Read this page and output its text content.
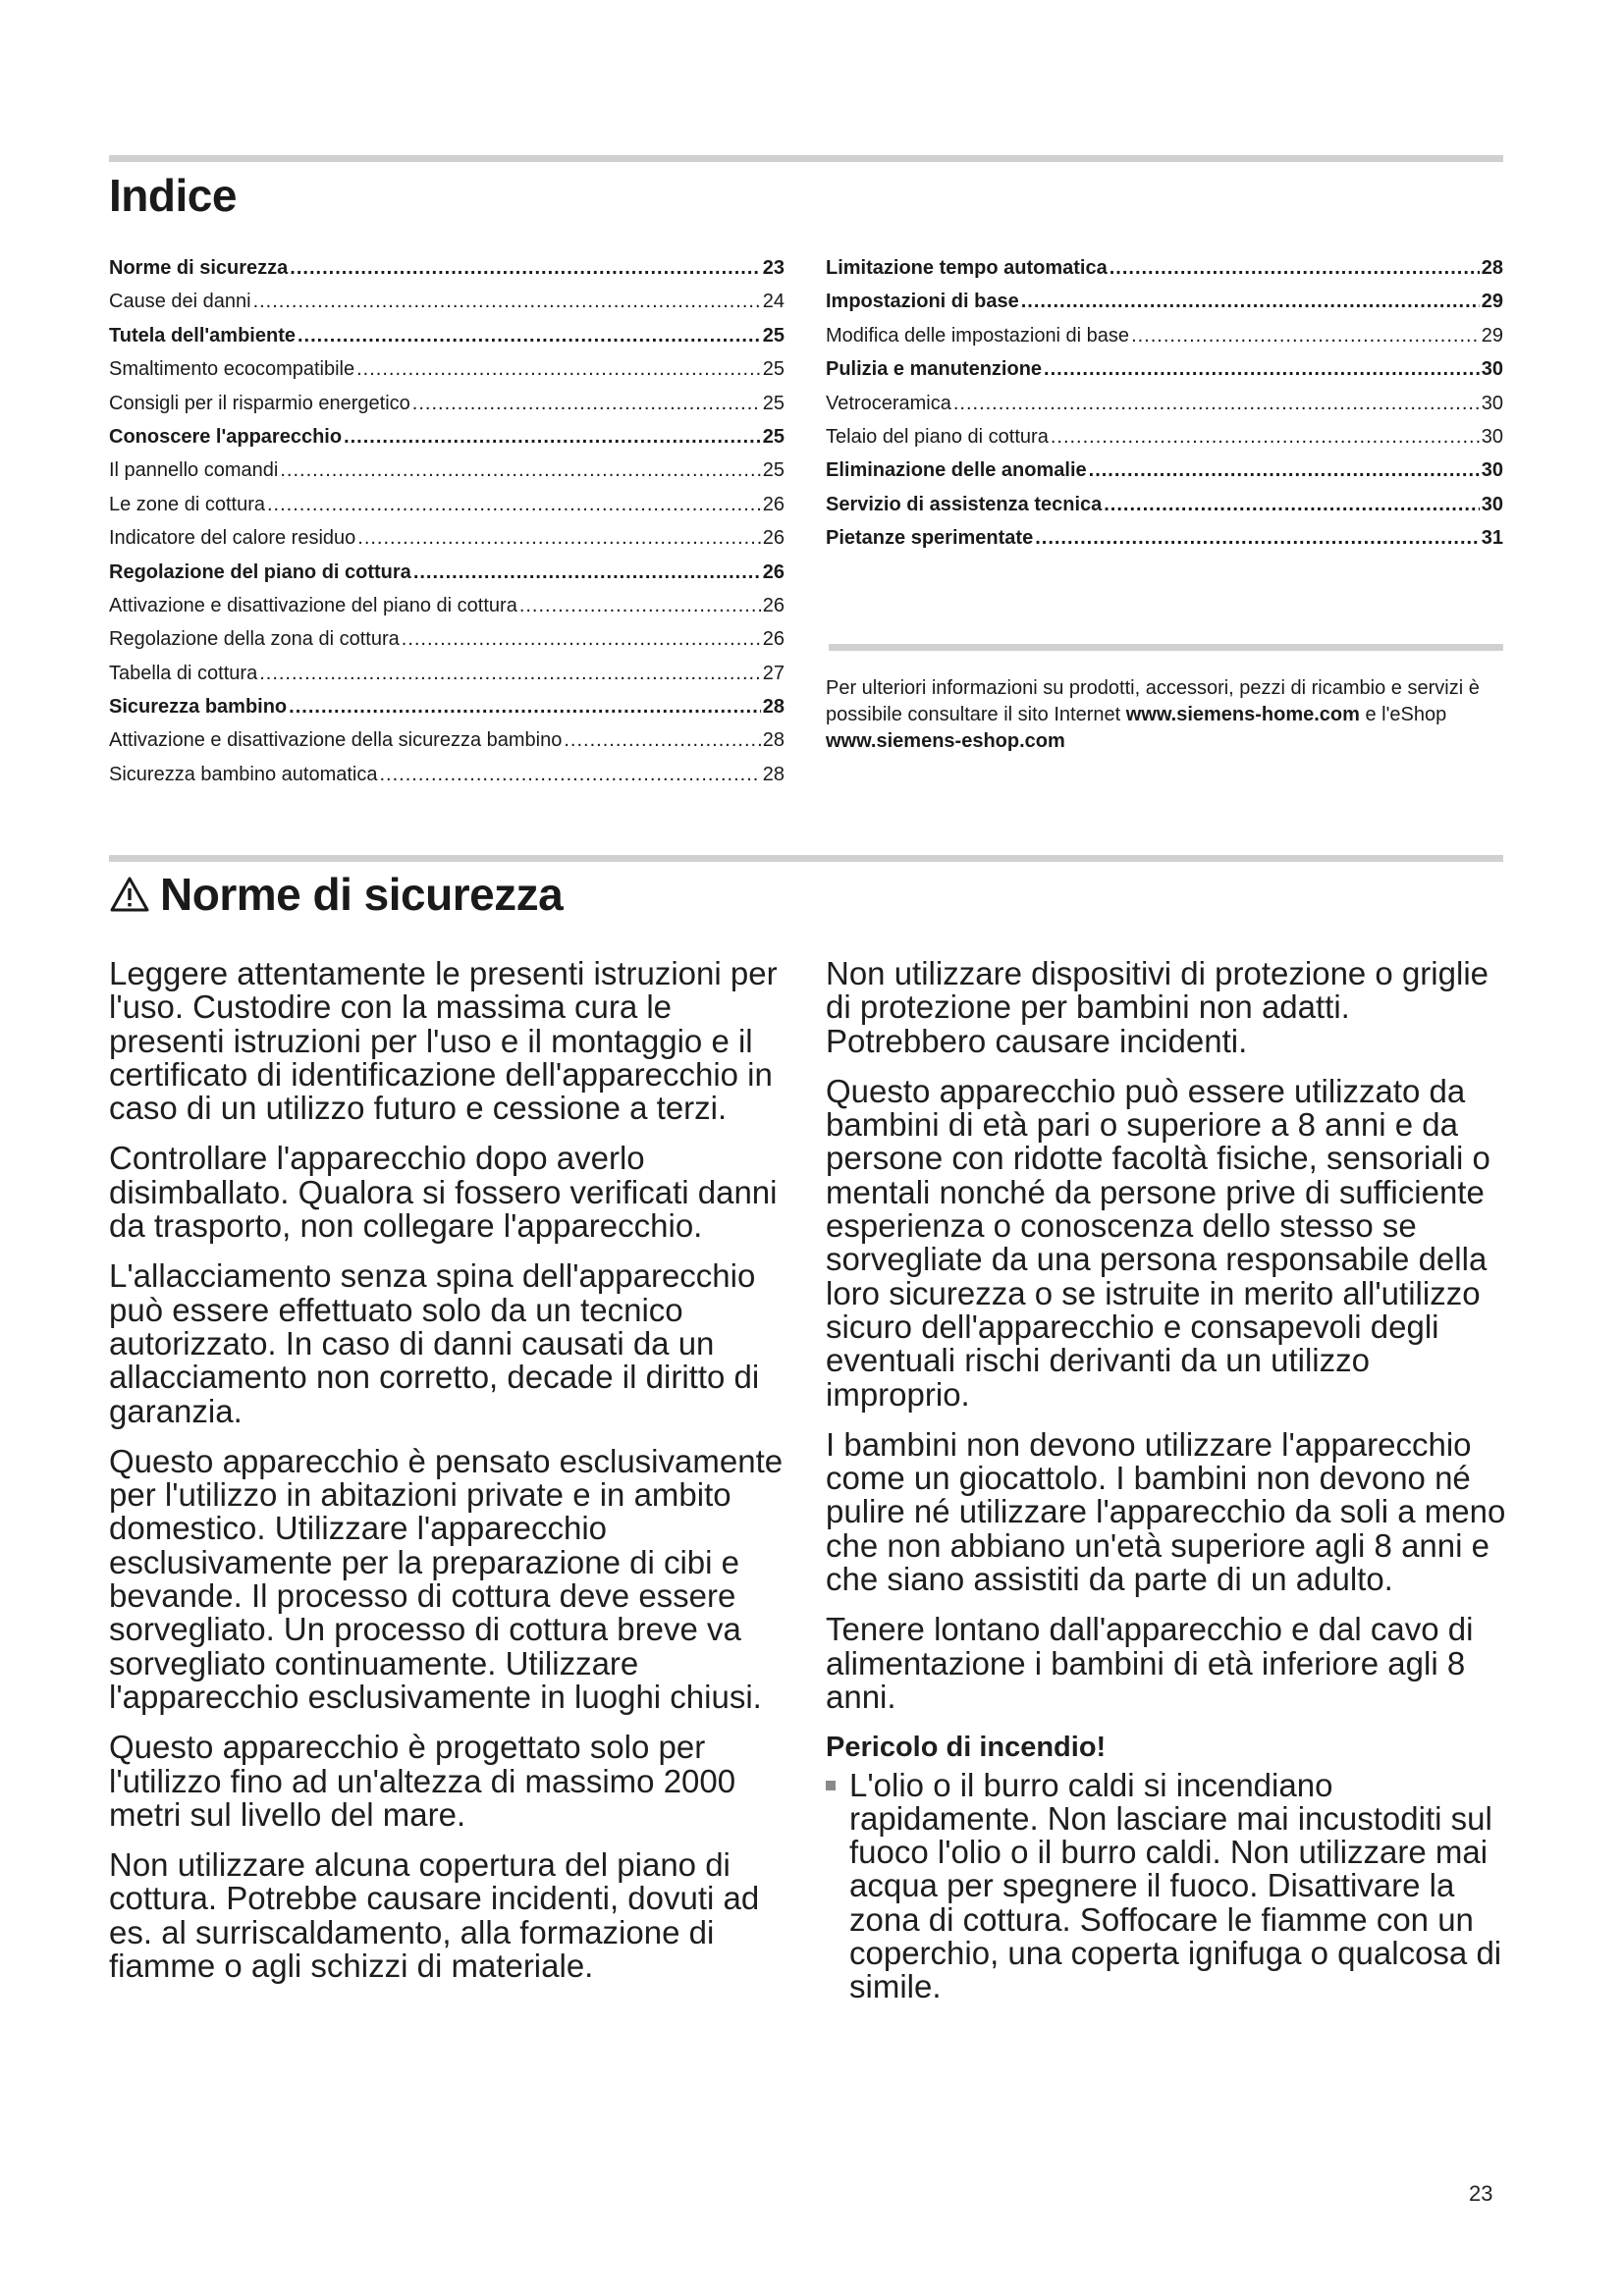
Indice
Norme di sicurezza .....	23
Cause dei danni .....	24
Tutela dell'ambiente .....	25
Smaltimento ecocompatibile .....	25
Consigli per il risparmio energetico .....	25
Conoscere l'apparecchio .....	25
Il pannello comandi .....	25
Le zone di cottura .....	26
Indicatore del calore residuo .....	26
Regolazione del piano di cottura .....	26
Attivazione e disattivazione del piano di cottura .....	26
Regolazione della zona di cottura .....	26
Tabella di cottura .....	27
Sicurezza bambino .....	28
Attivazione e disattivazione della sicurezza bambino .....	28
Sicurezza bambino automatica .....	28
Limitazione tempo automatica .....	28
Impostazioni di base .....	29
Modifica delle impostazioni di base .....	29
Pulizia e manutenzione .....	30
Vetroceramica .....	30
Telaio del piano di cottura .....	30
Eliminazione delle anomalie .....	30
Servizio di assistenza tecnica .....	30
Pietanze sperimentate .....	31
Per ulteriori informazioni su prodotti, accessori, pezzi di ricambio e servizi è possibile consultare il sito Internet www.siemens-home.com e l'eShop www.siemens-eshop.com
Norme di sicurezza

Leggere attentamente le presenti istruzioni per l'uso. Custodire con la massima cura le presenti istruzioni per l'uso e il montaggio e il certificato di identificazione dell'apparecchio in caso di un utilizzo futuro e cessione a terzi.

Controllare l'apparecchio dopo averlo disimballato. Qualora si fossero verificati danni da trasporto, non collegare l'apparecchio.

L'allacciamento senza spina dell'apparecchio può essere effettuato solo da un tecnico autorizzato. In caso di danni causati da un allacciamento non corretto, decade il diritto di garanzia.

Questo apparecchio è pensato esclusivamente per l'utilizzo in abitazioni private e in ambito domestico. Utilizzare l'apparecchio esclusivamente per la preparazione di cibi e bevande. Il processo di cottura deve essere sorvegliato. Un processo di cottura breve va sorvegliato continuamente. Utilizzare l'apparecchio esclusivamente in luoghi chiusi.

Questo apparecchio è progettato solo per l'utilizzo fino ad un'altezza di massimo 2000 metri sul livello del mare.

Non utilizzare alcuna copertura del piano di cottura. Potrebbe causare incidenti, dovuti ad es. al surriscaldamento, alla formazione di fiamme o agli schizzi di materiale.

Non utilizzare dispositivi di protezione o griglie di protezione per bambini non adatti. Potrebbero causare incidenti.

Questo apparecchio può essere utilizzato da bambini di età pari o superiore a 8 anni e da persone con ridotte facoltà fisiche, sensoriali o mentali nonché da persone prive di sufficiente esperienza o conoscenza dello stesso se sorvegliate da una persona responsabile della loro sicurezza o se istruite in merito all'utilizzo sicuro dell'apparecchio e consapevoli degli eventuali rischi derivanti da un utilizzo improprio.

I bambini non devono utilizzare l'apparecchio come un giocattolo. I bambini non devono né pulire né utilizzare l'apparecchio da soli a meno che non abbiano un'età superiore agli 8 anni e che siano assistiti da parte di un adulto.

Tenere lontano dall'apparecchio e dal cavo di alimentazione i bambini di età inferiore agli 8 anni.

Pericolo di incendio!
L'olio o il burro caldi si incendiano rapidamente. Non lasciare mai incustoditi sul fuoco l'olio o il burro caldi. Non utilizzare mai acqua per spegnere il fuoco. Disattivare la zona di cottura. Soffocare le fiamme con un coperchio, una coperta ignifuga o qualcosa di simile.
23
